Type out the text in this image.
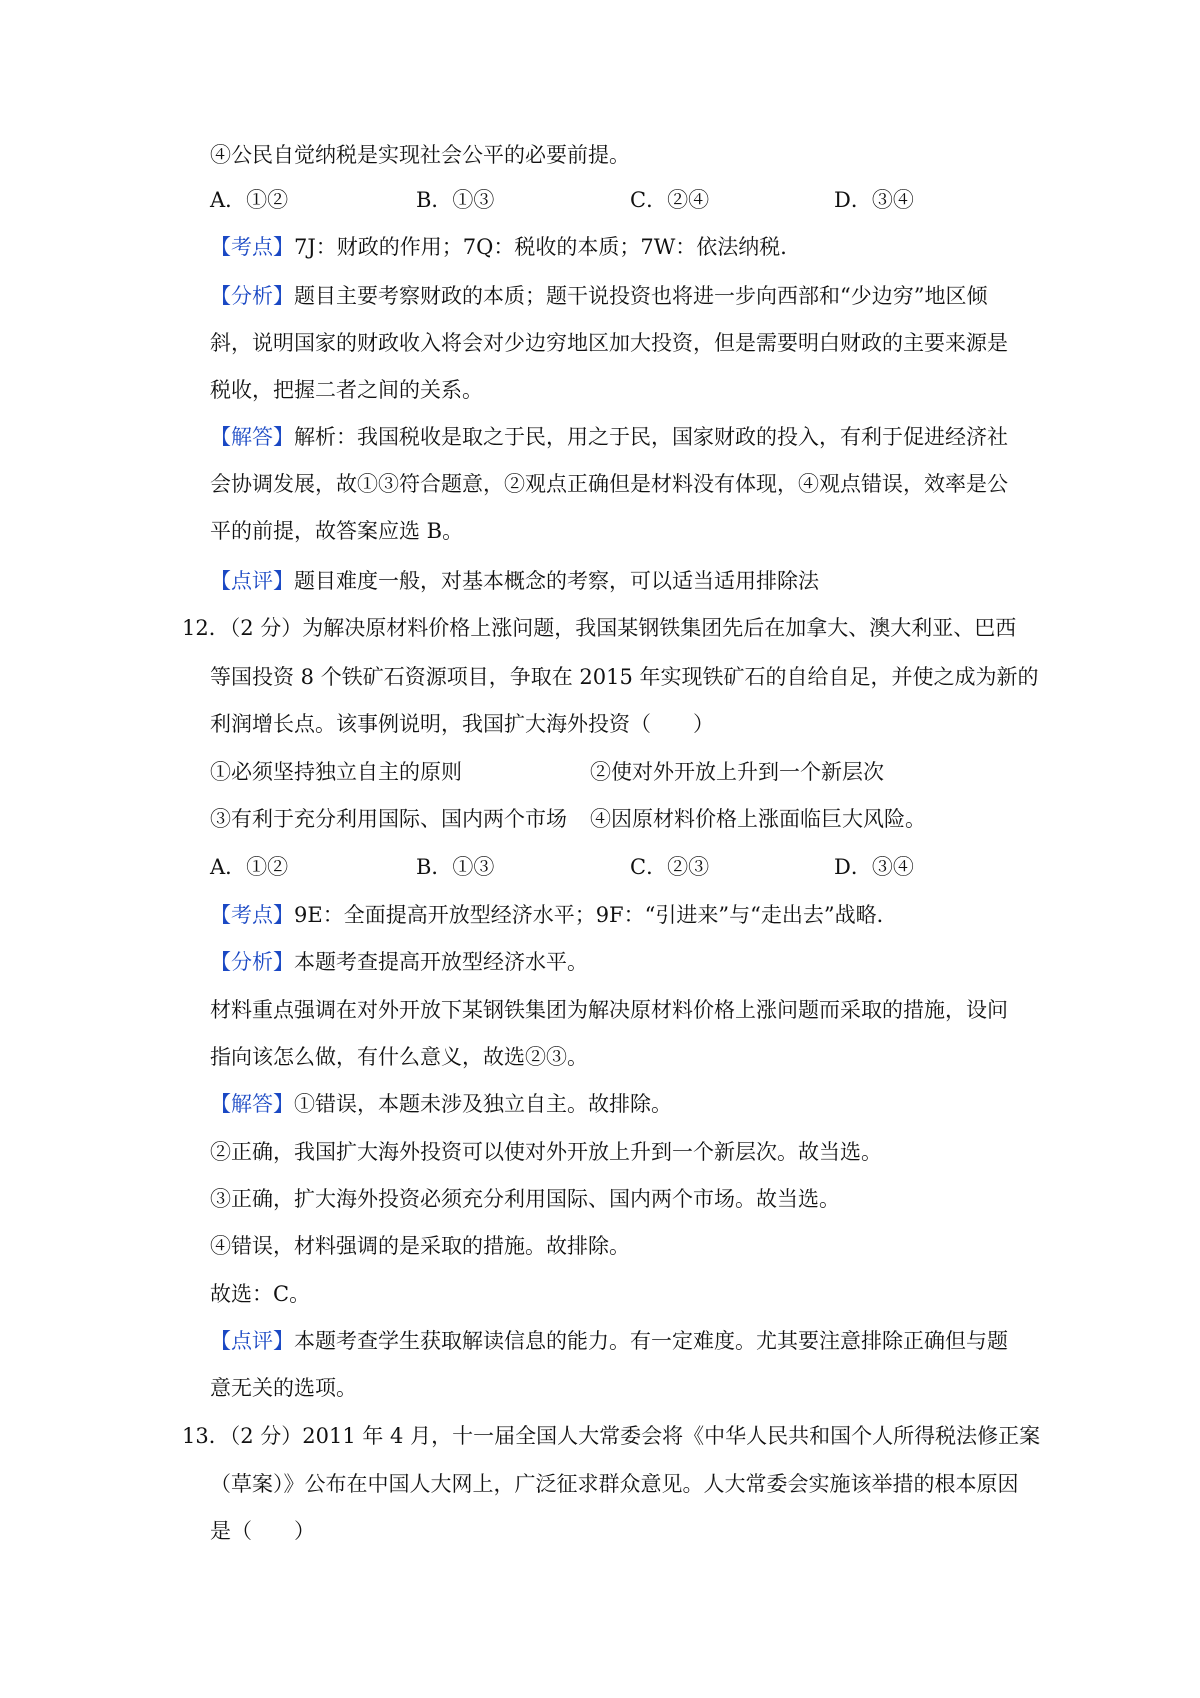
④公民自觉纳税是实现社会公平的必要前提。
A．①②	B．①③	C．②④	D．③④
【考点】7J：财政的作用；7Q：税收的本质；7W：依法纳税．
【分析】题目主要考察财政的本质；题干说投资也将进一步向西部和“少边穷”地区倾
斜，说明国家的财政收入将会对少边穷地区加大投资，但是需要明白财政的主要来源是
税收，把握二者之间的关系。
【解答】解析：我国税收是取之于民，用之于民，国家财政的投入，有利于促进经济社
会协调发展，故①③符合题意，②观点正确但是材料没有体现，④观点错误，效率是公
平的前提，故答案应选 B。
【点评】题目难度一般，对基本概念的考察，可以适当适用排除法
12．（2 分）为解决原材料价格上涨问题，我国某钢铁集团先后在加拿大、澳大利亚、巴西
等国投资 8 个铁矿石资源项目，争取在 2015 年实现铁矿石的自给自足，并使之成为新的
利润增长点。该事例说明，我国扩大海外投资（　　）
①必须坚持独立自主的原则	②使对外开放上升到一个新层次
③有利于充分利用国际、国内两个市场 ④因原材料价格上涨面临巨大风险。
A．①②	B．①③	C．②③	D．③④
【考点】9E：全面提高开放型经济水平；9F：“引进来”与“走出去”战略．
【分析】本题考查提高开放型经济水平。
材料重点强调在对外开放下某钢铁集团为解决原材料价格上涨问题而采取的措施，设问
指向该怎么做，有什么意义，故选②③。
【解答】①错误，本题未涉及独立自主。故排除。
②正确，我国扩大海外投资可以使对外开放上升到一个新层次。故当选。
③正确，扩大海外投资必须充分利用国际、国内两个市场。故当选。
④错误，材料强调的是采取的措施。故排除。
故选：C。
【点评】本题考查学生获取解读信息的能力。有一定难度。尤其要注意排除正确但与题
意无关的选项。
13．（2 分）2011 年 4 月，十一届全国人大常委会将《中华人民共和国个人所得税法修正案
（草案）》公布在中国人大网上，广泛征求群众意见。人大常委会实施该举措的根本原因
是（　　）
